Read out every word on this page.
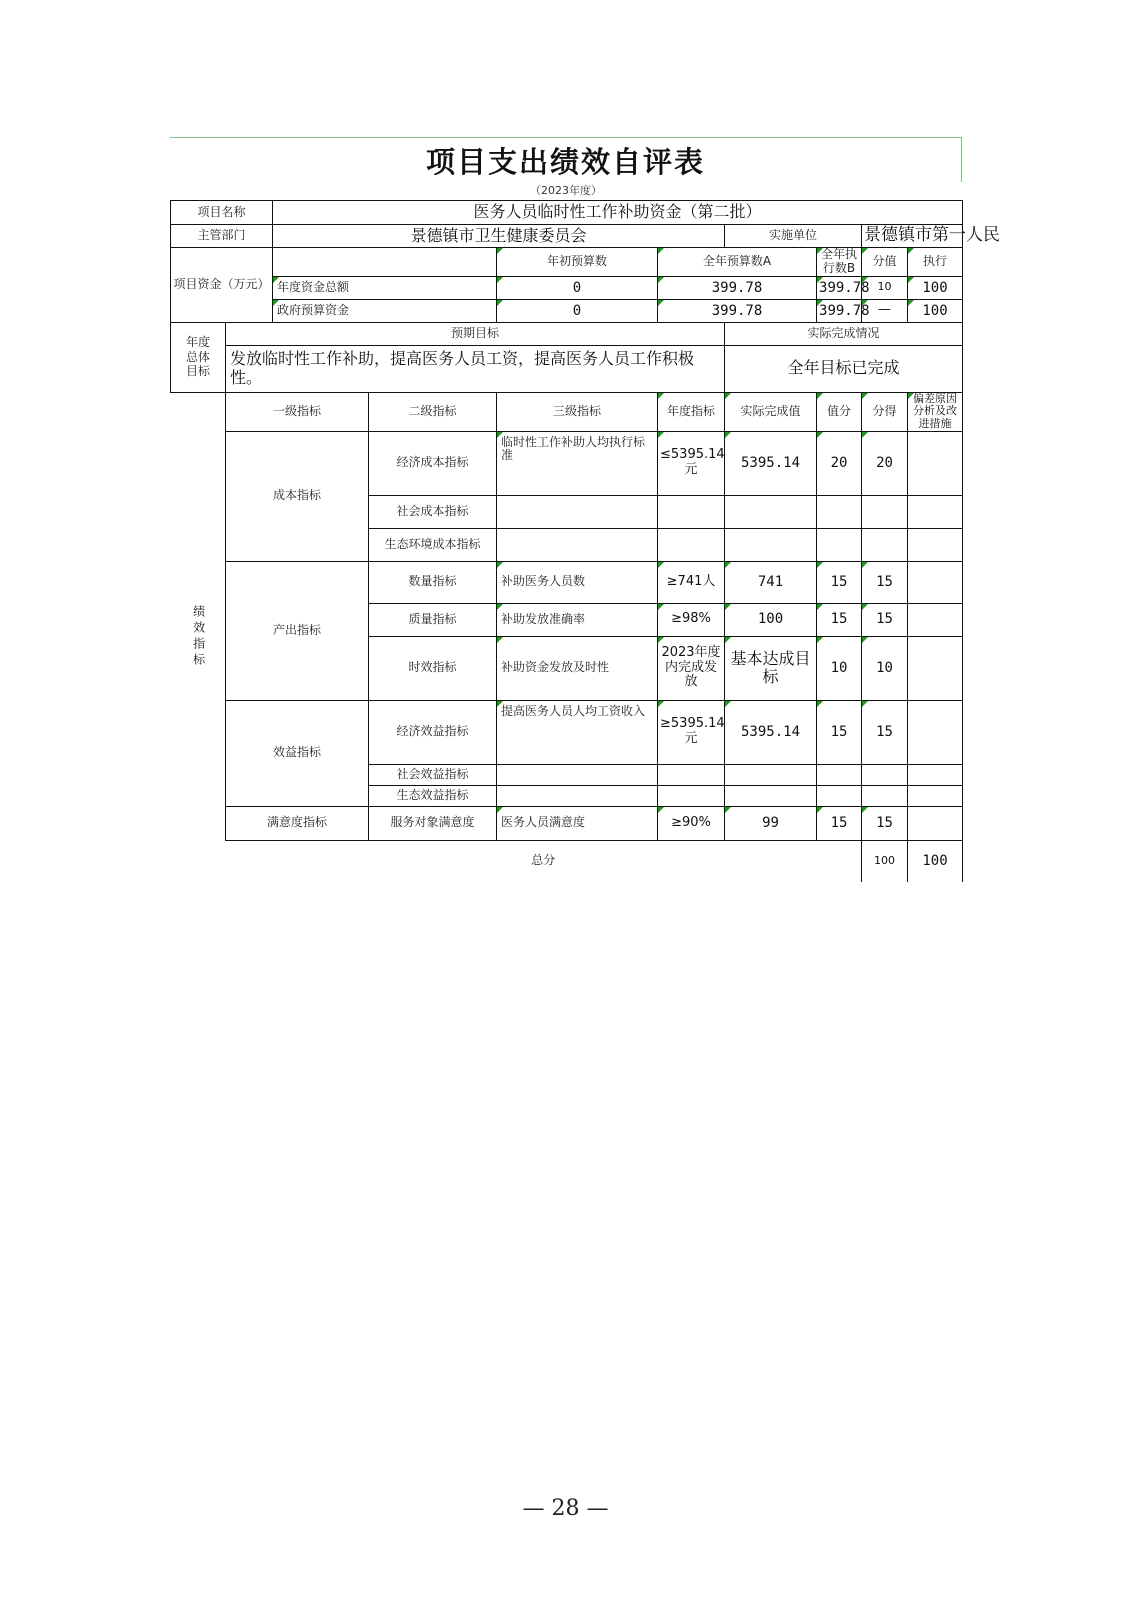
项目支出绩效自评表
（2023年度）
项目名称		医务人员临时性工作补助资金（第二批）								
主管部门		景德镇市卫生健康委员会				实施单位		景德镇市第一人民		
项目资金（万元）				年初预算数	全年预算数A		全年执行数B	分值	执行	
		年度资金总额		0	399.78		399.78	10	100	
		政府预算资金		0	399.78		399.78	—	100	
年度总体目标	预期目标					实际完成情况				
	发放临时性工作补助，提高医务人员工资，提高医务人员工作积极性。					全年目标已完成				

绩效指标	一级指标		二级指标	三级指标	年度指标	实际完成值	值分	分得	偏差原因分析及改进措施	
	成本指标		经济成本指标	临时性工作补助人均执行标准	≤5395.14元	5395.14	20	20		
			社会成本指标							
			生态环境成本指标							
	产出指标		数量指标	补助医务人员数	≥741人	741	15	15		
			质量指标	补助发放准确率	≥98%	100	15	15		
			时效指标	补助资金发放及时性	2023年度内完成发放	基本达成目标	10	10		
	效益指标		经济效益指标	提高医务人员人均工资收入	≥5395.14元	5395.14	15	15		
			社会效益指标							
			生态效益指标							
	满意度指标		服务对象满意度	医务人员满意度	≥90%	99	15	15		

	总分							100	100	
— 28 —
